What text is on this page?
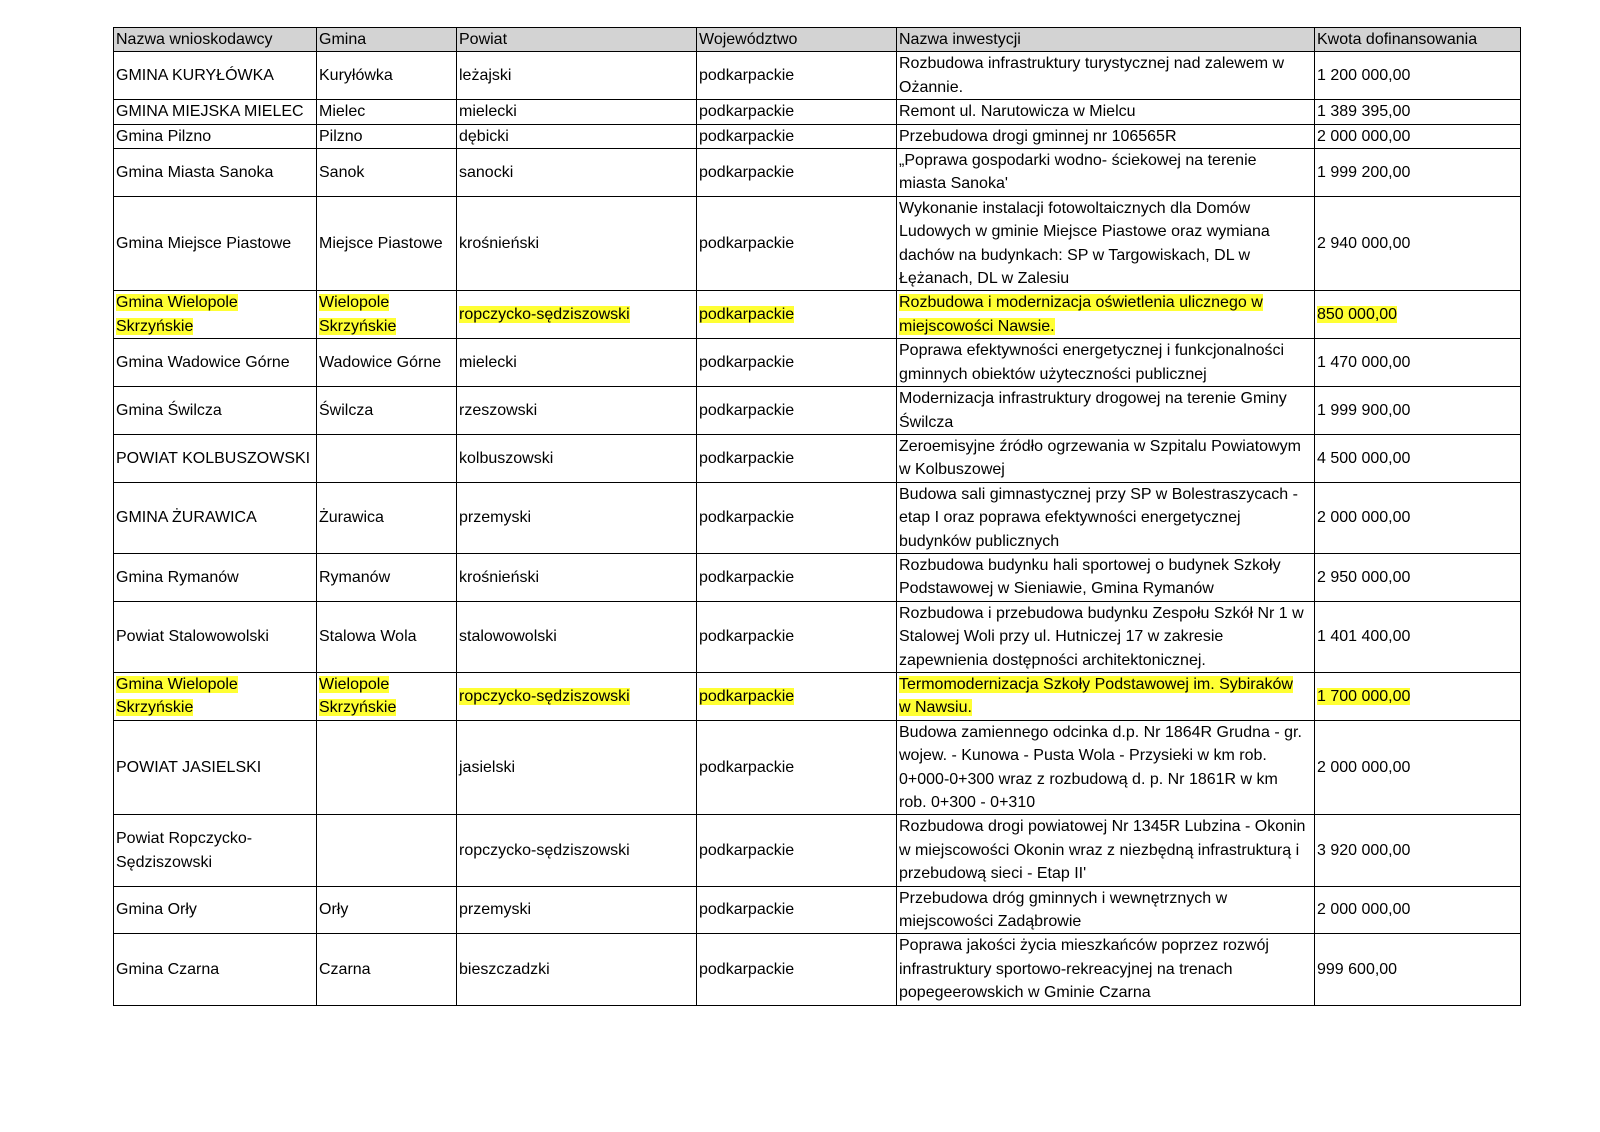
Nazwa wnioskodawcy	Gmina	Powiat	Województwo	Nazwa inwestycji	Kwota dofinansowania
GMINA KURYŁÓWKA	Kuryłówka	leżajski	podkarpackie	Rozbudowa infrastruktury turystycznej nad zalewem w Ożannie.	1 200 000,00
GMINA MIEJSKA MIELEC	Mielec	mielecki	podkarpackie	Remont ul. Narutowicza w Mielcu	1 389 395,00
Gmina Pilzno	Pilzno	dębicki	podkarpackie	Przebudowa drogi gminnej nr 106565R	2 000 000,00
Gmina Miasta Sanoka	Sanok	sanocki	podkarpackie	„Poprawa gospodarki wodno- ściekowej na terenie miasta Sanoka'	1 999 200,00
Gmina Miejsce Piastowe	Miejsce Piastowe	krośnieński	podkarpackie	Wykonanie instalacji fotowoltaicznych dla Domów Ludowych w gminie Miejsce Piastowe oraz wymiana dachów na budynkach: SP w Targowiskach, DL w Łężanach, DL w Zalesiu	2 940 000,00
Gmina Wielopole Skrzyńskie	Wielopole Skrzyńskie	ropczycko-sędziszowski	podkarpackie	Rozbudowa i modernizacja oświetlenia ulicznego w miejscowości Nawsie.	850 000,00
Gmina Wadowice Górne	Wadowice Górne	mielecki	podkarpackie	Poprawa efektywności energetycznej i funkcjonalności gminnych obiektów użyteczności publicznej	1 470 000,00
Gmina Świlcza	Świlcza	rzeszowski	podkarpackie	Modernizacja infrastruktury drogowej na terenie Gminy Świlcza	1 999 900,00
POWIAT KOLBUSZOWSKI		kolbuszowski	podkarpackie	Zeroemisyjne źródło ogrzewania w Szpitalu Powiatowym w Kolbuszowej	4 500 000,00
GMINA ŻURAWICA	Żurawica	przemyski	podkarpackie	Budowa sali gimnastycznej przy SP w Bolestraszycach - etap I oraz poprawa efektywności energetycznej budynków publicznych	2 000 000,00
Gmina Rymanów	Rymanów	krośnieński	podkarpackie	Rozbudowa budynku hali sportowej o budynek Szkoły Podstawowej w Sieniawie, Gmina Rymanów	2 950 000,00
Powiat Stalowowolski	Stalowa Wola	stalowowolski	podkarpackie	Rozbudowa i przebudowa budynku Zespołu Szkół Nr 1 w Stalowej Woli przy ul. Hutniczej 17 w zakresie zapewnienia dostępności architektonicznej.	1 401 400,00
Gmina Wielopole Skrzyńskie	Wielopole Skrzyńskie	ropczycko-sędziszowski	podkarpackie	Termomodernizacja Szkoły Podstawowej im. Sybiraków w Nawsiu.	1 700 000,00
POWIAT JASIELSKI		jasielski	podkarpackie	Budowa zamiennego odcinka d.p. Nr 1864R Grudna - gr. wojew. - Kunowa - Pusta Wola - Przysieki w km rob. 0+000-0+300 wraz z rozbudową d. p. Nr 1861R w km rob. 0+300 - 0+310	2 000 000,00
Powiat Ropczycko-Sędziszowski		ropczycko-sędziszowski	podkarpackie	Rozbudowa drogi powiatowej Nr 1345R Lubzina - Okonin w miejscowości Okonin wraz z niezbędną infrastrukturą i przebudową sieci - Etap II'	3 920 000,00
Gmina Orły	Orły	przemyski	podkarpackie	Przebudowa dróg gminnych i wewnętrznych w miejscowości Zadąbrowie	2 000 000,00
Gmina Czarna	Czarna	bieszczadzki	podkarpackie	Poprawa jakości życia mieszkańców poprzez rozwój infrastruktury sportowo-rekreacyjnej na trenach popegeerowskich w Gminie Czarna	999 600,00
